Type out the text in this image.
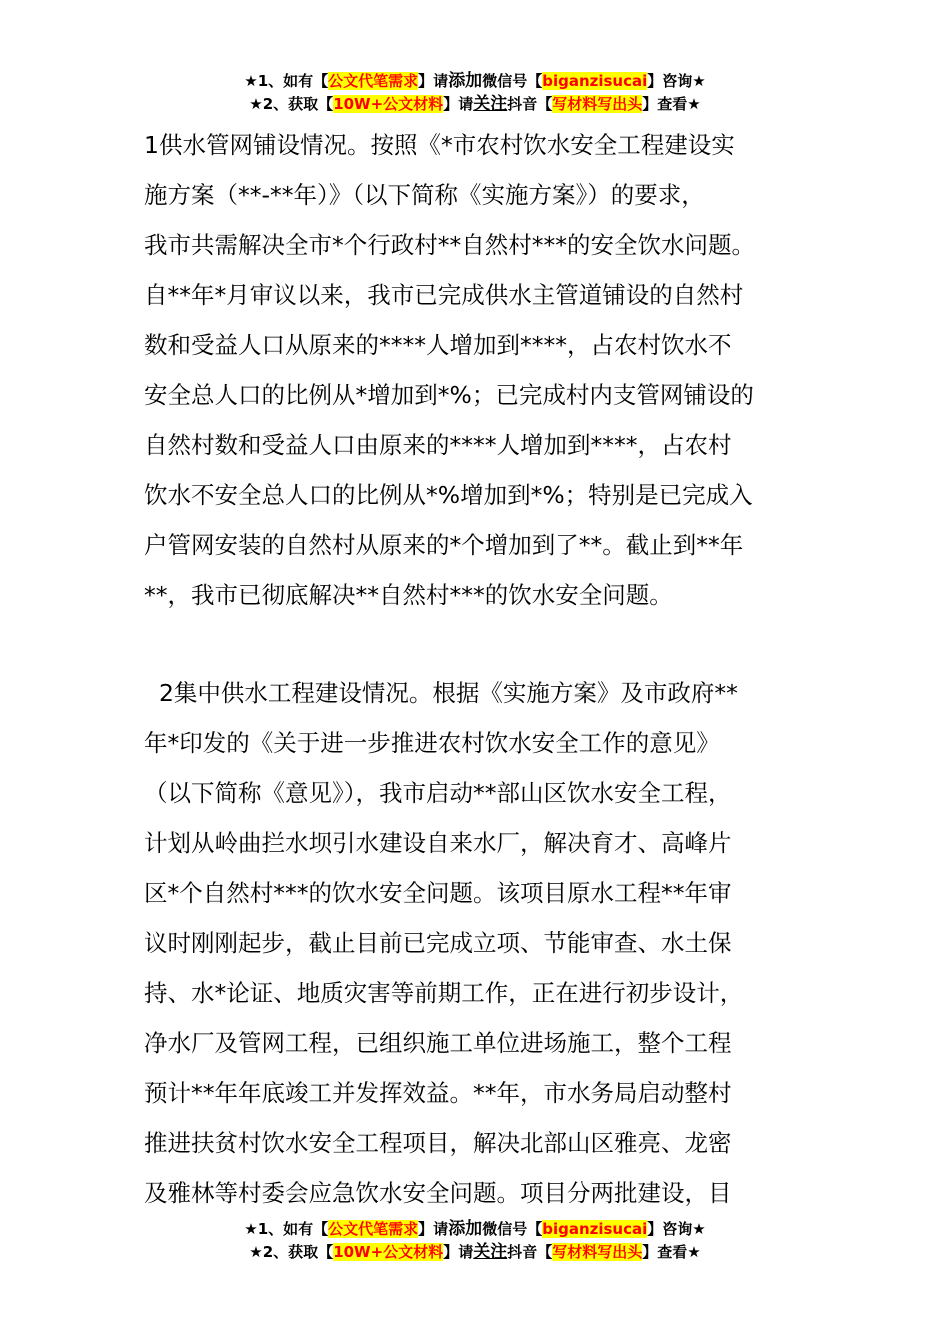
★1、如有【公文代笔需求】请添加微信号【biganzisucai】咨询★
★2、获取【10W+公文材料】请关注抖音【写材料写出头】查看★
1供水管网铺设情况。按照《*市农村饮水安全工程建设实
施方案（**-**年）》（以下简称《实施方案》）的要求，
我市共需解决全市*个行政村**自然村***的安全饮水问题。
自**年*月审议以来，我市已完成供水主管道铺设的自然村
数和受益人口从原来的****人增加到****，占农村饮水不
安全总人口的比例从*增加到*%；已完成村内支管网铺设的
自然村数和受益人口由原来的****人增加到****，占农村
饮水不安全总人口的比例从*%增加到*%；特别是已完成入
户管网安装的自然村从原来的*个增加到了**。截止到**年
**，我市已彻底解决**自然村***的饮水安全问题。
2集中供水工程建设情况。根据《实施方案》及市政府**
年*印发的《关于进一步推进农村饮水安全工作的意见》
（以下简称《意见》），我市启动**部山区饮水安全工程，
计划从岭曲拦水坝引水建设自来水厂，解决育才、高峰片
区*个自然村***的饮水安全问题。该项目原水工程**年审
议时刚刚起步，截止目前已完成立项、节能审查、水土保
持、水*论证、地质灾害等前期工作，正在进行初步设计，
净水厂及管网工程，已组织施工单位进场施工，整个工程
预计**年年底竣工并发挥效益。**年，市水务局启动整村
推进扶贫村饮水安全工程项目，解决北部山区雅亮、龙密
及雅林等村委会应急饮水安全问题。项目分两批建设，目
★1、如有【公文代笔需求】请添加微信号【biganzisucai】咨询★
★2、获取【10W+公文材料】请关注抖音【写材料写出头】查看★
